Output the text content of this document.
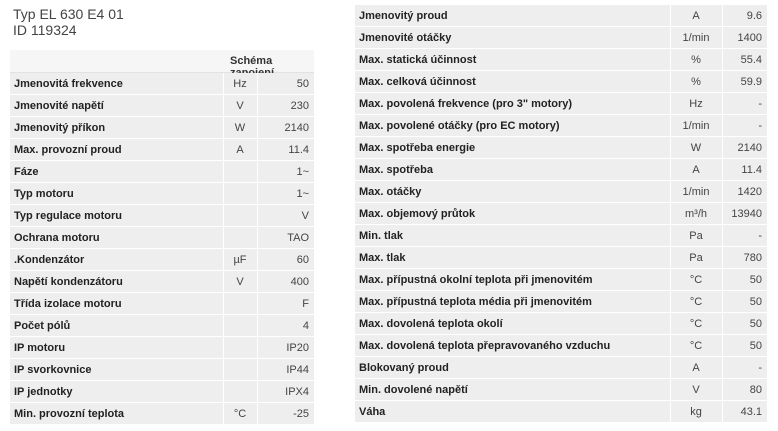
Typ EL 630 E4 01
ID 119324
Schéma
Jmenovitá frekvence	Hz	50
Jmenovité napětí	V	230
Jmenovitý příkon	W	2140
Max. provozní proud	A	11.4
Fáze		1~
Typ motoru		1~
Typ regulace motoru		V
Ochrana motoru		TAO
.Kondenzátor	µF	60
Napětí kondenzátoru	V	400
Třída izolace motoru		F
Počet pólů		4
IP motoru		IP20
IP svorkovnice		IP44
IP jednotky		IPX4
Min. provozní teplota	°C	-25
Jmenovitý proud	A	9.6
Jmenovité otáčky	1/min	1400
Max. statická účinnost	%	55.4
Max. celková účinnost	%	59.9
Max. povolená frekvence (pro 3" motory)	Hz	-
Max. povolené otáčky (pro EC motory)	1/min	-
Max. spotřeba energie	W	2140
Max. spotřeba	A	11.4
Max. otáčky	1/min	1420
Max. objemový průtok	m³/h	13940
Min. tlak	Pa	-
Max. tlak	Pa	780
Max. přípustná okolní teplota při jmenovitém	°C	50
Max. přípustná teplota média při jmenovitém	°C	50
Max. dovolená teplota okolí	°C	50
Max. dovolená teplota přepravovaného vzduchu	°C	50
Blokovaný proud	A	-
Min. dovolené napětí	V	80
Váha	kg	43.1
